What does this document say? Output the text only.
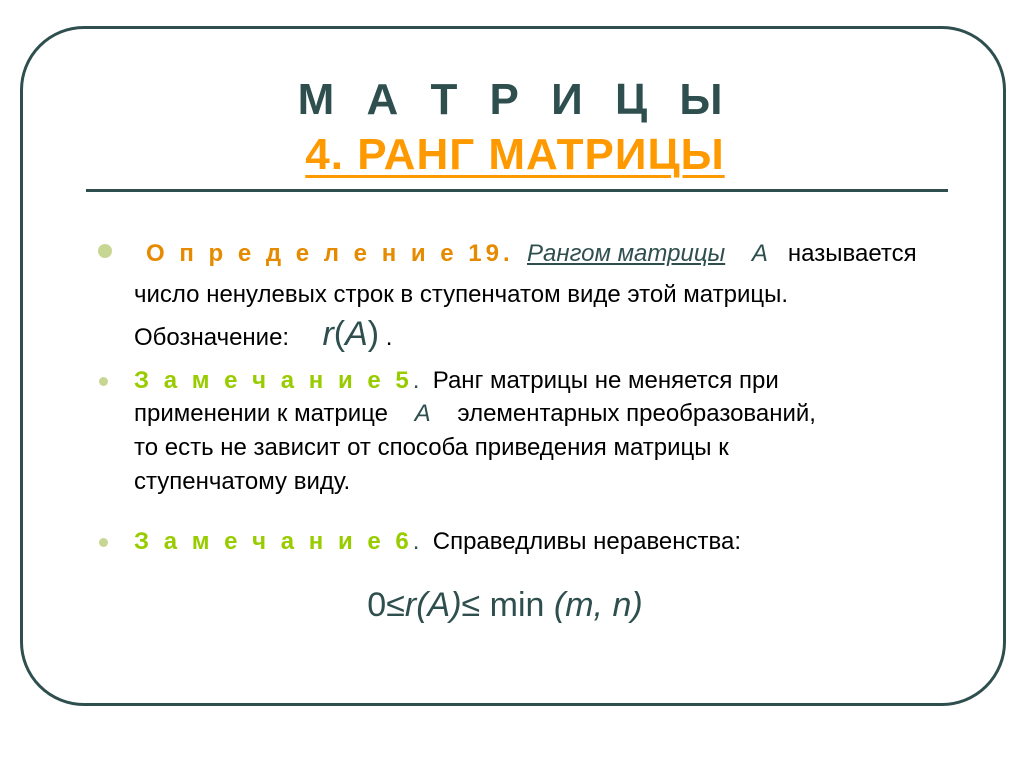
М А Т Р И Ц Ы
4. РАНГ МАТРИЦЫ
О п р е д е л е н и е 19. Рангом матрицы А называется
число ненулевых строк в ступенчатом виде этой матрицы.
Обозначение: r(А) .
З а м е ч а н и е 5. Ранг матрицы не меняется при
применении к матрице А элементарных преобразований,
то есть не зависит от способа приведения матрицы к
ступенчатому виду.
З а м е ч а н и е 6. Справедливы неравенства:
0≤r(A)≤ min (m, n)
